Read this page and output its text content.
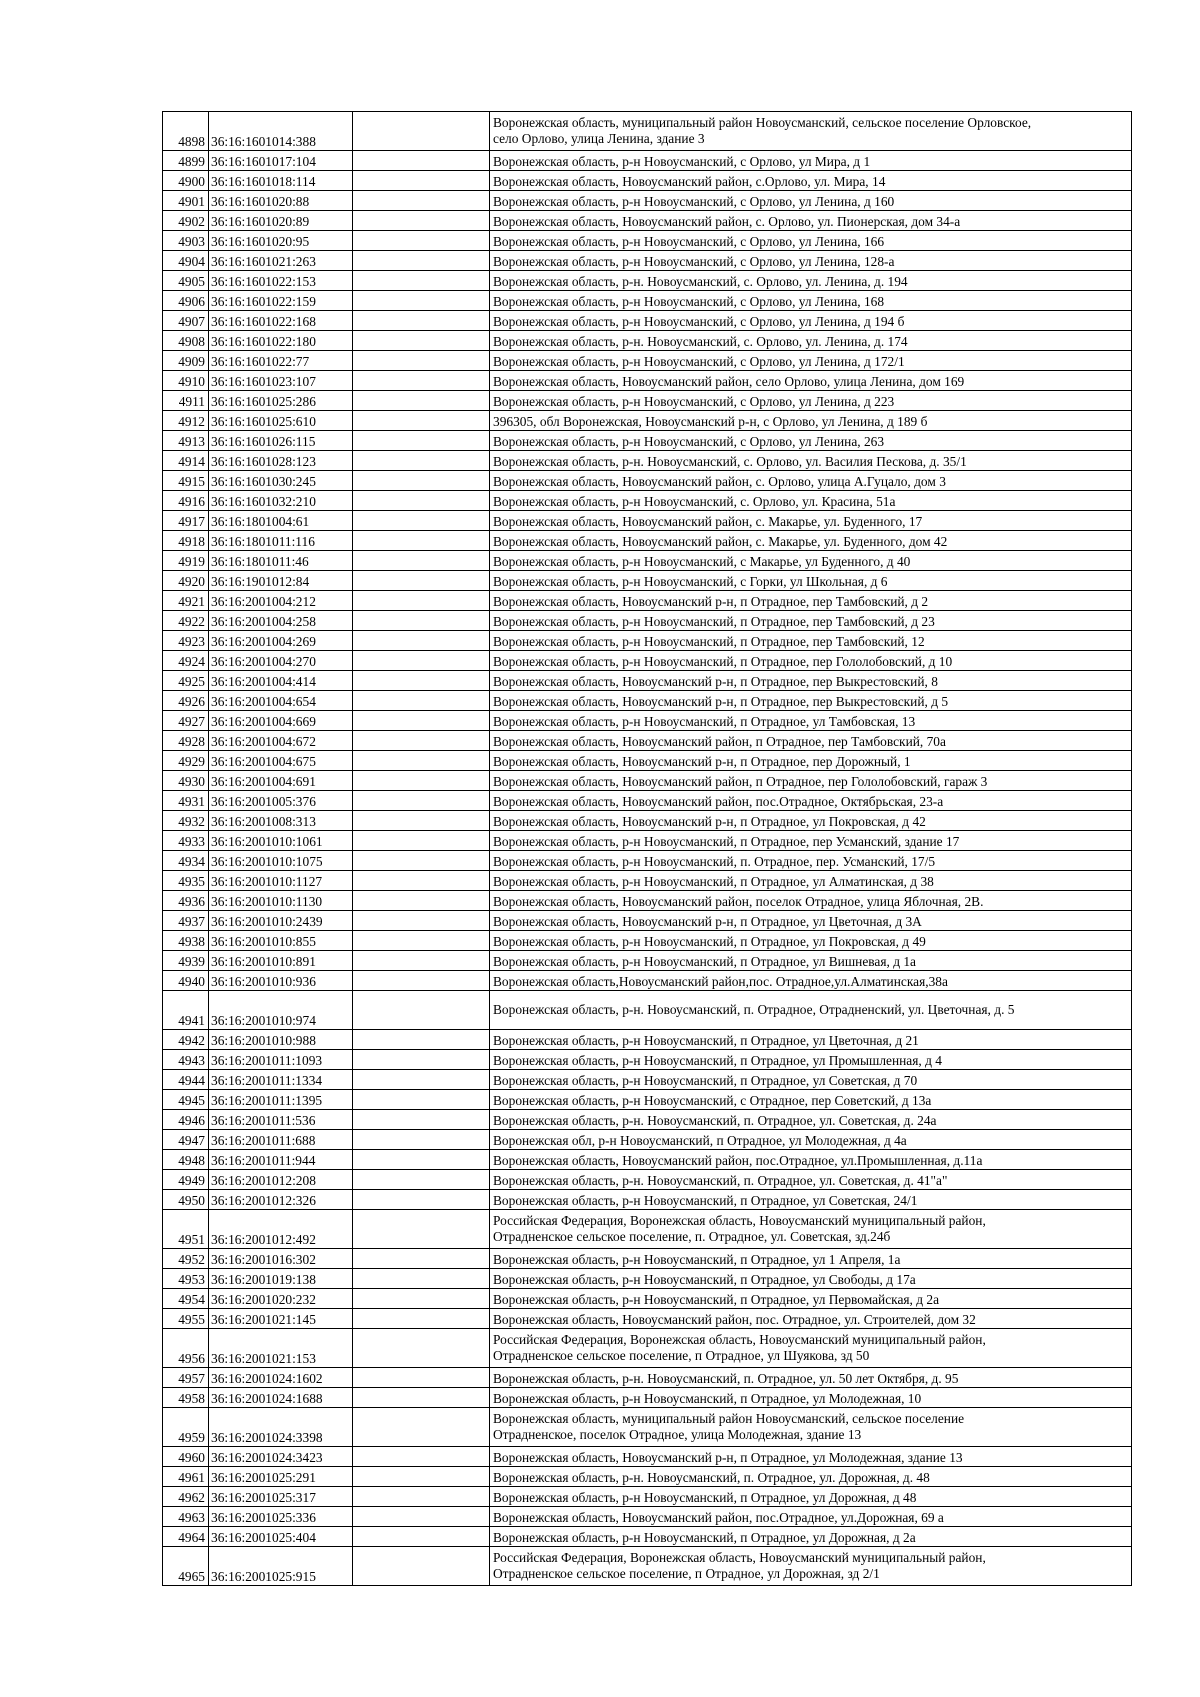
4898	36:16:1601014:388		Воронежская область, муниципальный район Новоусманский, сельское поселение Орловское,
село Орлово, улица Ленина, здание 3

4899	36:16:1601017:104		Воронежская область, р-н Новоусманский, с Орлово, ул Мира, д 1

4900	36:16:1601018:114		Воронежская область, Новоусманский район, с.Орлово, ул. Мира, 14

4901	36:16:1601020:88		Воронежская область, р-н Новоусманский, с Орлово, ул Ленина, д 160

4902	36:16:1601020:89		Воронежская область, Новоусманский район, с. Орлово, ул. Пионерская, дом 34-а

4903	36:16:1601020:95		Воронежская область, р-н Новоусманский, с Орлово, ул Ленина, 166

4904	36:16:1601021:263		Воронежская область, р-н Новоусманский, с Орлово, ул Ленина, 128-а

4905	36:16:1601022:153		Воронежская область, р-н. Новоусманский, с. Орлово, ул. Ленина, д. 194

4906	36:16:1601022:159		Воронежская область, р-н Новоусманский, с Орлово, ул Ленина, 168

4907	36:16:1601022:168		Воронежская область, р-н Новоусманский, с Орлово, ул Ленина, д 194 б

4908	36:16:1601022:180		Воронежская область, р-н. Новоусманский, с. Орлово, ул. Ленина, д. 174

4909	36:16:1601022:77		Воронежская область, р-н Новоусманский, с Орлово, ул Ленина, д 172/1

4910	36:16:1601023:107		Воронежская область, Новоусманский район, село Орлово, улица Ленина, дом 169

4911	36:16:1601025:286		Воронежская область, р-н Новоусманский, с Орлово, ул Ленина, д 223

4912	36:16:1601025:610		396305, обл Воронежская, Новоусманский р-н, с Орлово, ул Ленина, д 189 б

4913	36:16:1601026:115		Воронежская область, р-н Новоусманский, с Орлово, ул Ленина, 263

4914	36:16:1601028:123		Воронежская область, р-н. Новоусманский, с. Орлово, ул. Василия Пескова, д. 35/1

4915	36:16:1601030:245		Воронежская область, Новоусманский район, с. Орлово, улица А.Гуцало, дом 3

4916	36:16:1601032:210		Воронежская область, р-н Новоусманский, с. Орлово, ул. Красина, 51а

4917	36:16:1801004:61		Воронежская область, Новоусманский район, с. Макарье, ул. Буденного, 17

4918	36:16:1801011:116		Воронежская область, Новоусманский район, с. Макарье, ул. Буденного, дом 42

4919	36:16:1801011:46		Воронежская область, р-н Новоусманский, с Макарье, ул Буденного, д 40

4920	36:16:1901012:84		Воронежская область, р-н Новоусманский, с Горки, ул Школьная, д 6

4921	36:16:2001004:212		Воронежская область, Новоусманский р-н, п Отрадное, пер Тамбовский, д 2

4922	36:16:2001004:258		Воронежская область, р-н Новоусманский, п Отрадное, пер Тамбовский, д 23

4923	36:16:2001004:269		Воронежская область, р-н Новоусманский, п Отрадное, пер Тамбовский, 12

4924	36:16:2001004:270		Воронежская область, р-н Новоусманский, п Отрадное, пер Гололобовский, д 10

4925	36:16:2001004:414		Воронежская область, Новоусманский р-н, п Отрадное, пер Выкрестовский, 8

4926	36:16:2001004:654		Воронежская область, Новоусманский р-н, п Отрадное, пер Выкрестовский, д 5

4927	36:16:2001004:669		Воронежская область, р-н Новоусманский, п Отрадное, ул Тамбовская, 13

4928	36:16:2001004:672		Воронежская область, Новоусманский район, п Отрадное, пер Тамбовский, 70а

4929	36:16:2001004:675		Воронежская область, Новоусманский р-н, п Отрадное, пер Дорожный, 1

4930	36:16:2001004:691		Воронежская область, Новоусманский район, п Отрадное, пер Гололобовский, гараж 3

4931	36:16:2001005:376		Воронежская область, Новоусманский район, пос.Отрадное, Октябрьская, 23-а

4932	36:16:2001008:313		Воронежская область, Новоусманский р-н, п Отрадное, ул Покровская, д 42

4933	36:16:2001010:1061		Воронежская область, р-н Новоусманский, п Отрадное, пер Усманский, здание 17

4934	36:16:2001010:1075		Воронежская область, р-н Новоусманский, п. Отрадное, пер. Усманский, 17/5

4935	36:16:2001010:1127		Воронежская область, р-н Новоусманский, п Отрадное, ул Алматинская, д 38

4936	36:16:2001010:1130		Воронежская область, Новоусманский район, поселок Отрадное, улица Яблочная, 2В.

4937	36:16:2001010:2439		Воронежская область, Новоусманский р-н, п Отрадное, ул Цветочная, д 3А

4938	36:16:2001010:855		Воронежская область, р-н Новоусманский, п Отрадное, ул Покровская, д 49

4939	36:16:2001010:891		Воронежская область, р-н Новоусманский, п Отрадное, ул Вишневая, д 1а

4940	36:16:2001010:936		Воронежская область,Новоусманский район,пос. Отрадное,ул.Алматинская,38а

4941	36:16:2001010:974		Воронежская область, р-н. Новоусманский, п. Отрадное, Отрадненский, ул. Цветочная, д. 5

4942	36:16:2001010:988		Воронежская область, р-н Новоусманский, п Отрадное, ул Цветочная, д 21

4943	36:16:2001011:1093		Воронежская область, р-н Новоусманский, п Отрадное, ул Промышленная, д 4

4944	36:16:2001011:1334		Воронежская область, р-н Новоусманский, п Отрадное, ул Советская, д 70

4945	36:16:2001011:1395		Воронежская область, р-н Новоусманский, с Отрадное, пер Советский, д 13а

4946	36:16:2001011:536		Воронежская область, р-н. Новоусманский, п. Отрадное, ул. Советская, д. 24а

4947	36:16:2001011:688		Воронежская обл, р-н Новоусманский, п Отрадное, ул Молодежная, д 4а

4948	36:16:2001011:944		Воронежская область, Новоусманский район, пос.Отрадное, ул.Промышленная, д.11а

4949	36:16:2001012:208		Воронежская область, р-н. Новоусманский, п. Отрадное, ул. Советская, д. 41"а"

4950	36:16:2001012:326		Воронежская область, р-н Новоусманский, п Отрадное, ул Советская, 24/1

4951	36:16:2001012:492		Российская Федерация, Воронежская область, Новоусманский муниципальный район,
Отрадненское сельское поселение, п. Отрадное, ул. Советская, зд.24б

4952	36:16:2001016:302		Воронежская область, р-н Новоусманский, п Отрадное, ул 1 Апреля, 1а

4953	36:16:2001019:138		Воронежская область, р-н Новоусманский, п Отрадное, ул Свободы, д 17а

4954	36:16:2001020:232		Воронежская область, р-н Новоусманский, п Отрадное, ул Первомайская, д 2а

4955	36:16:2001021:145		Воронежская область, Новоусманский район, пос. Отрадное, ул. Строителей, дом 32

4956	36:16:2001021:153		Российская Федерация, Воронежская область, Новоусманский муниципальный район,
Отрадненское сельское поселение, п Отрадное, ул Шуякова, зд 50

4957	36:16:2001024:1602		Воронежская область, р-н. Новоусманский, п. Отрадное, ул. 50 лет Октября, д. 95

4958	36:16:2001024:1688		Воронежская область, р-н Новоусманский, п Отрадное, ул Молодежная, 10

4959	36:16:2001024:3398		Воронежская область, муниципальный район Новоусманский, сельское поселение
Отрадненское, поселок Отрадное, улица Молодежная, здание 13

4960	36:16:2001024:3423		Воронежская область, Новоусманский р-н, п Отрадное, ул Молодежная, здание 13

4961	36:16:2001025:291		Воронежская область, р-н. Новоусманский, п. Отрадное, ул. Дорожная, д. 48

4962	36:16:2001025:317		Воронежская область, р-н Новоусманский, п Отрадное, ул Дорожная, д 48

4963	36:16:2001025:336		Воронежская область, Новоусманский район, пос.Отрадное, ул.Дорожная, 69 а

4964	36:16:2001025:404		Воронежская область, р-н Новоусманский, п Отрадное, ул Дорожная, д 2а

4965	36:16:2001025:915		Российская Федерация, Воронежская область, Новоусманский муниципальный район,
Отрадненское сельское поселение, п Отрадное, ул Дорожная, зд 2/1
